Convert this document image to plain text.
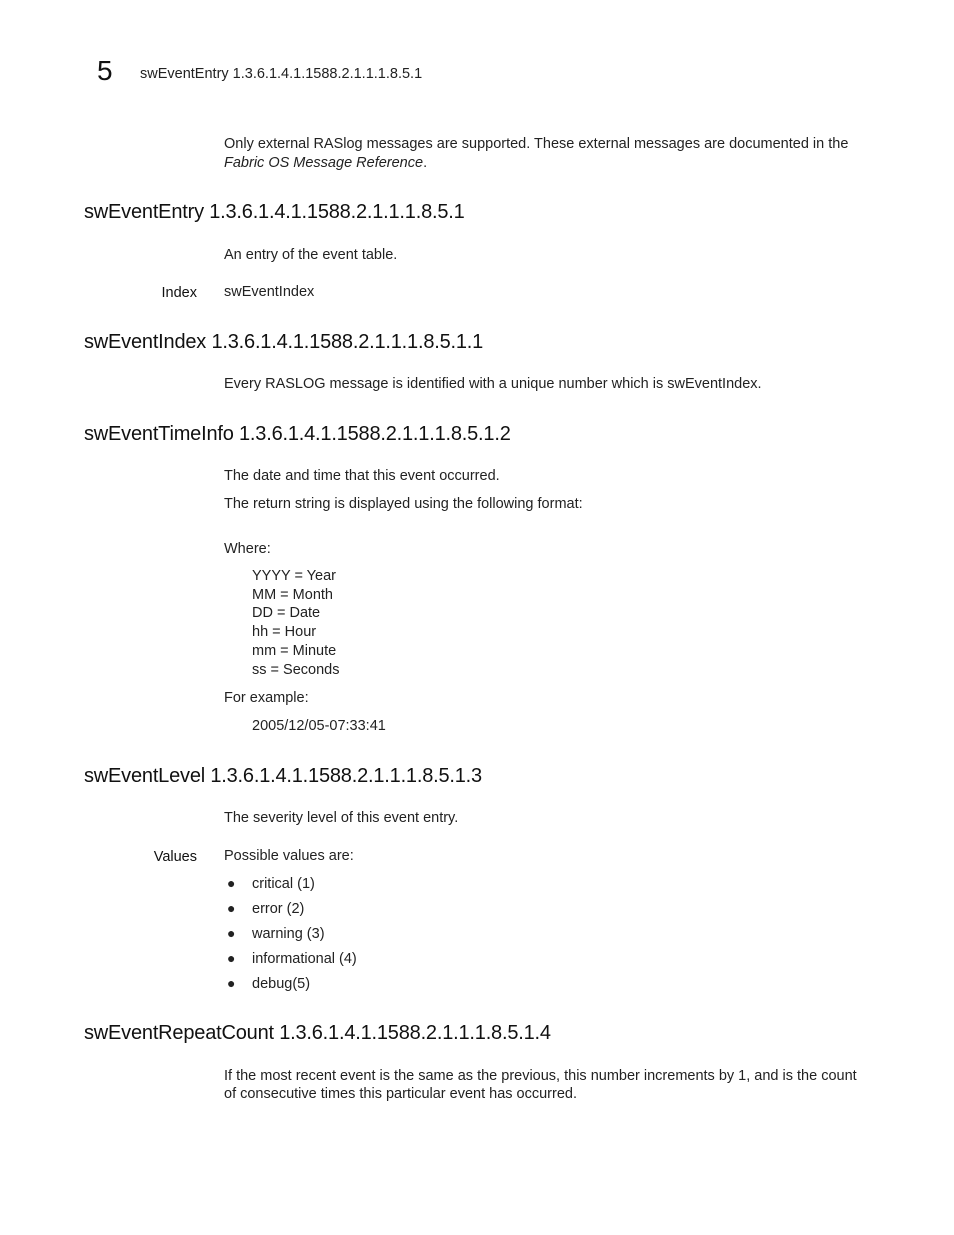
5 swEventEntry 1.3.6.1.4.1.1588.2.1.1.1.8.5.1
Only external RASlog messages are supported. These external messages are documented in the
Fabric OS Message Reference.
swEventEntry 1.3.6.1.4.1.1588.2.1.1.1.8.5.1
An entry of the event table.
Index swEventIndex
swEventIndex 1.3.6.1.4.1.1588.2.1.1.1.8.5.1.1
Every RASLOG message is identified with a unique number which is swEventIndex.
swEventTimeInfo 1.3.6.1.4.1.1588.2.1.1.1.8.5.1.2
The date and time that this event occurred.
The return string is displayed using the following format:
Where:
YYYY = Year
MM = Month
DD = Date
hh = Hour
mm = Minute
ss = Seconds
For example:
2005/12/05-07:33:41
swEventLevel 1.3.6.1.4.1.1588.2.1.1.1.8.5.1.3
The severity level of this event entry.
Values Possible values are:
● critical (1)
● error (2)
● warning (3)
● informational (4)
● debug(5)
swEventRepeatCount 1.3.6.1.4.1.1588.2.1.1.1.8.5.1.4
If the most recent event is the same as the previous, this number increments by 1, and is the count
of consecutive times this particular event has occurred.
